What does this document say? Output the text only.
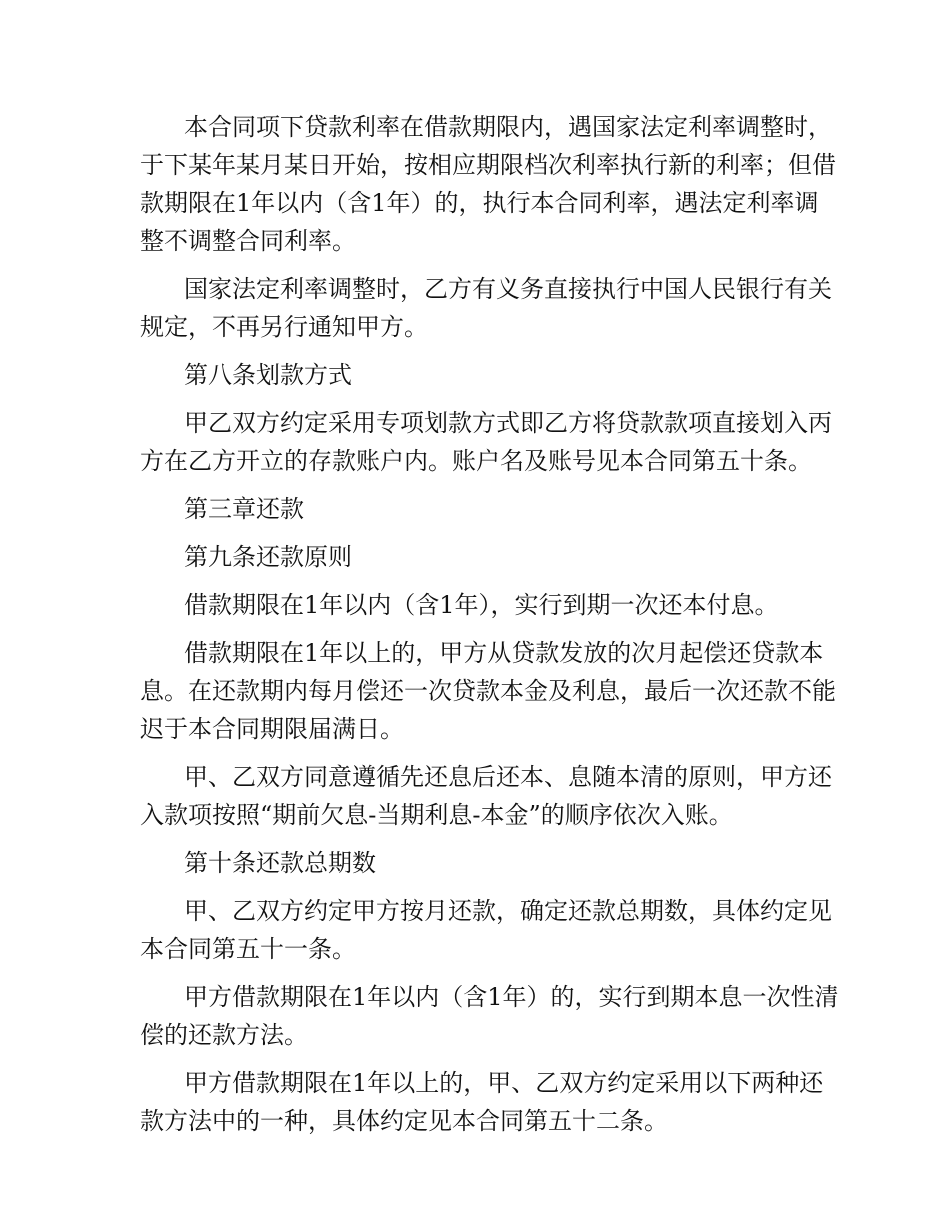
本合同项下贷款利率在借款期限内，遇国家法定利率调整时，于下某年某月某日开始，按相应期限档次利率执行新的利率；但借款期限在1年以内（含1年）的，执行本合同利率，遇法定利率调整不调整合同利率。

国家法定利率调整时，乙方有义务直接执行中国人民银行有关规定，不再另行通知甲方。

第八条划款方式

甲乙双方约定采用专项划款方式即乙方将贷款款项直接划入丙方在乙方开立的存款账户内。账户名及账号见本合同第五十条。

第三章还款

第九条还款原则

借款期限在1年以内（含1年），实行到期一次还本付息。

借款期限在1年以上的，甲方从贷款发放的次月起偿还贷款本息。在还款期内每月偿还一次贷款本金及利息，最后一次还款不能迟于本合同期限届满日。

甲、乙双方同意遵循先还息后还本、息随本清的原则，甲方还入款项按照“期前欠息-当期利息-本金”的顺序依次入账。

第十条还款总期数

甲、乙双方约定甲方按月还款，确定还款总期数，具体约定见本合同第五十一条。

甲方借款期限在1年以内（含1年）的，实行到期本息一次性清偿的还款方法。

甲方借款期限在1年以上的，甲、乙双方约定采用以下两种还款方法中的一种，具体约定见本合同第五十二条。
